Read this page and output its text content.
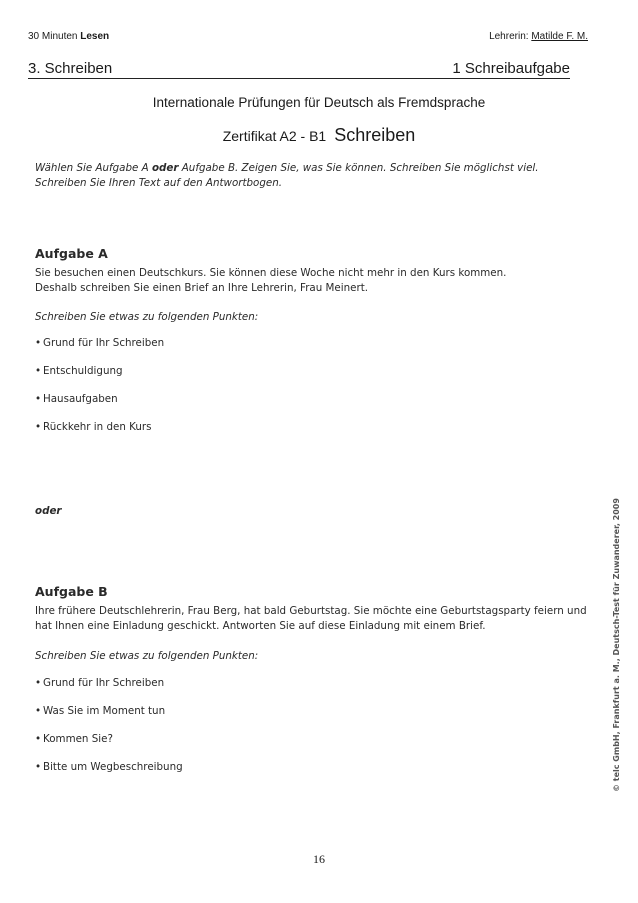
30 Minuten Lesen	Lehrerin: Matilde F. M.
3. Schreiben	1 Schreibaufgabe
Internationale Prüfungen für Deutsch als Fremdsprache
Zertifikat A2 - B1 Schreiben
Wählen Sie Aufgabe A oder Aufgabe B. Zeigen Sie, was Sie können. Schreiben Sie möglichst viel.
Schreiben Sie Ihren Text auf den Antwortbogen.
Aufgabe A
Sie besuchen einen Deutschkurs. Sie können diese Woche nicht mehr in den Kurs kommen.
Deshalb schreiben Sie einen Brief an Ihre Lehrerin, Frau Meinert.
Schreiben Sie etwas zu folgenden Punkten:
• Grund für Ihr Schreiben
• Entschuldigung
• Hausaufgaben
• Rückkehr in den Kurs
oder
Aufgabe B
Ihre frühere Deutschlehrerin, Frau Berg, hat bald Geburtstag. Sie möchte eine Geburtstagsparty feiern und
hat Ihnen eine Einladung geschickt. Antworten Sie auf diese Einladung mit einem Brief.
Schreiben Sie etwas zu folgenden Punkten:
• Grund für Ihr Schreiben
• Was Sie im Moment tun
• Kommen Sie?
• Bitte um Wegbeschreibung	© telc GmbH, Frankfurt a. M., Deutsch-Test für Zuwanderer, 2009
16
